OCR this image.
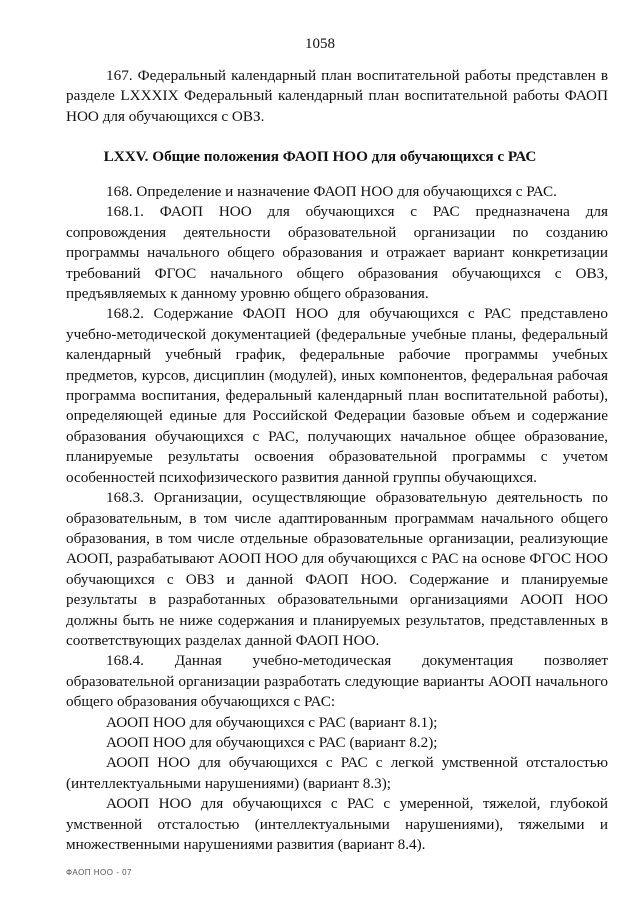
1058

167. Федеральный календарный план воспитательной работы представлен в разделе LXXXIX Федеральный календарный план воспитательной работы ФАОП НОО для обучающихся с ОВЗ.

LXXV. Общие положения ФАОП НОО для обучающихся с РАС

168. Определение и назначение ФАОП НОО для обучающихся с РАС.

168.1. ФАОП НОО для обучающихся с РАС предназначена для сопровождения деятельности образовательной организации по созданию программы начального общего образования и отражает вариант конкретизации требований ФГОС начального общего образования обучающихся с ОВЗ, предъявляемых к данному уровню общего образования.

168.2. Содержание ФАОП НОО для обучающихся с РАС представлено учебно-методической документацией (федеральные учебные планы, федеральный календарный учебный график, федеральные рабочие программы учебных предметов, курсов, дисциплин (модулей), иных компонентов, федеральная рабочая программа воспитания, федеральный календарный план воспитательной работы), определяющей единые для Российской Федерации базовые объем и содержание образования обучающихся с РАС, получающих начальное общее образование, планируемые результаты освоения образовательной программы с учетом особенностей психофизического развития данной группы обучающихся.

168.3. Организации, осуществляющие образовательную деятельность по образовательным, в том числе адаптированным программам начального общего образования, в том числе отдельные образовательные организации, реализующие АООП, разрабатывают АООП НОО для обучающихся с РАС на основе ФГОС НОО обучающихся с ОВЗ и данной ФАОП НОО. Содержание и планируемые результаты в разработанных образовательными организациями АООП НОО должны быть не ниже содержания и планируемых результатов, представленных в соответствующих разделах данной ФАОП НОО.

168.4. Данная учебно-методическая документация позволяет образовательной организации разработать следующие варианты АООП начального общего образования обучающихся с РАС:

АООП НОО для обучающихся с РАС (вариант 8.1);

АООП НОО для обучающихся с РАС (вариант 8.2);

АООП НОО для обучающихся с РАС с легкой умственной отсталостью (интеллектуальными нарушениями) (вариант 8.3);

АООП НОО для обучающихся с РАС с умеренной, тяжелой, глубокой умственной отсталостью (интеллектуальными нарушениями), тяжелыми и множественными нарушениями развития (вариант 8.4).

ФАОП НОО - 07
